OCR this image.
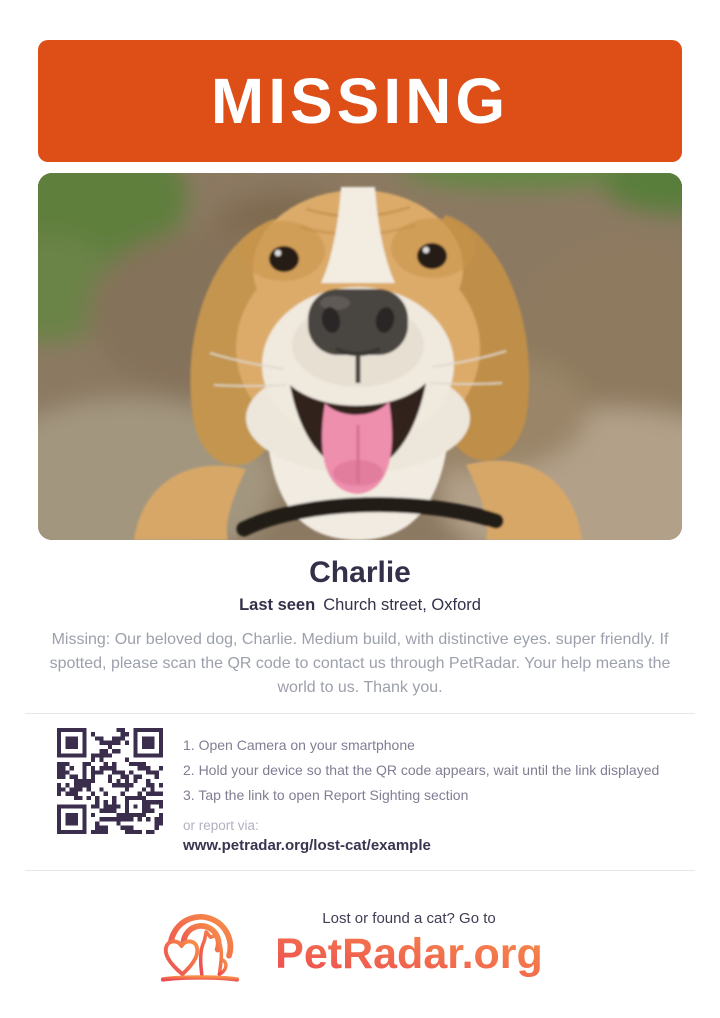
MISSING
Charlie
Last seen Church street, Oxford

Missing: Our beloved dog, Charlie. Medium build, with distinctive eyes. super friendly. If spotted, please scan the QR code to contact us through PetRadar. Your help means the world to us. Thank you.

1. Open Camera on your smartphone
2. Hold your device so that the QR code appears, wait until the link displayed
3. Tap the link to open Report Sighting section
or report via:
www.petradar.org/lost-cat/example
Lost or found a cat? Go to
PetRadar.org
